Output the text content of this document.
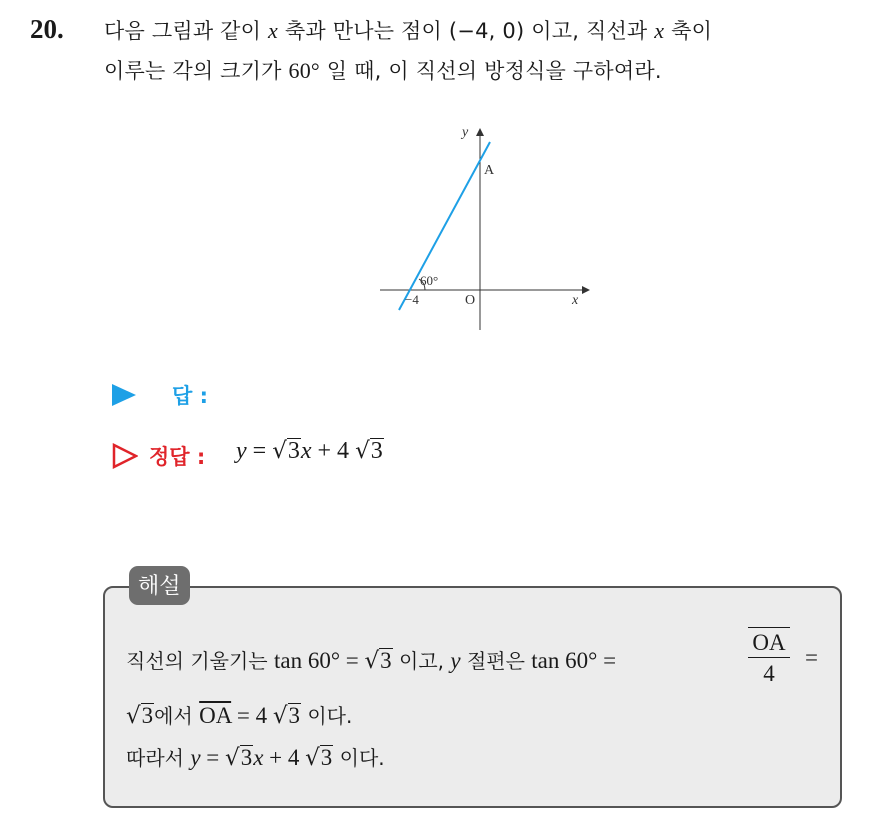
20. 다음 그림과 같이 x 축과 만나는 점이 (−4, 0) 이고, 직선과 x 축이
이루는 각의 크기가 60° 일 때, 이 직선의 방정식을 구하여라.
y
x
A
O
−4
60°
답 :
정답 : y = √3x + 4 √3
해설
직선의 기울기는 tan 60° = √3 이고, y 절편은 tan 60° =	$\frac{OA}{4}$ =
√3에서 $\overline{OA} = 4$ √3 이다.
따라서 y = √3x + 4 √3 이다.
